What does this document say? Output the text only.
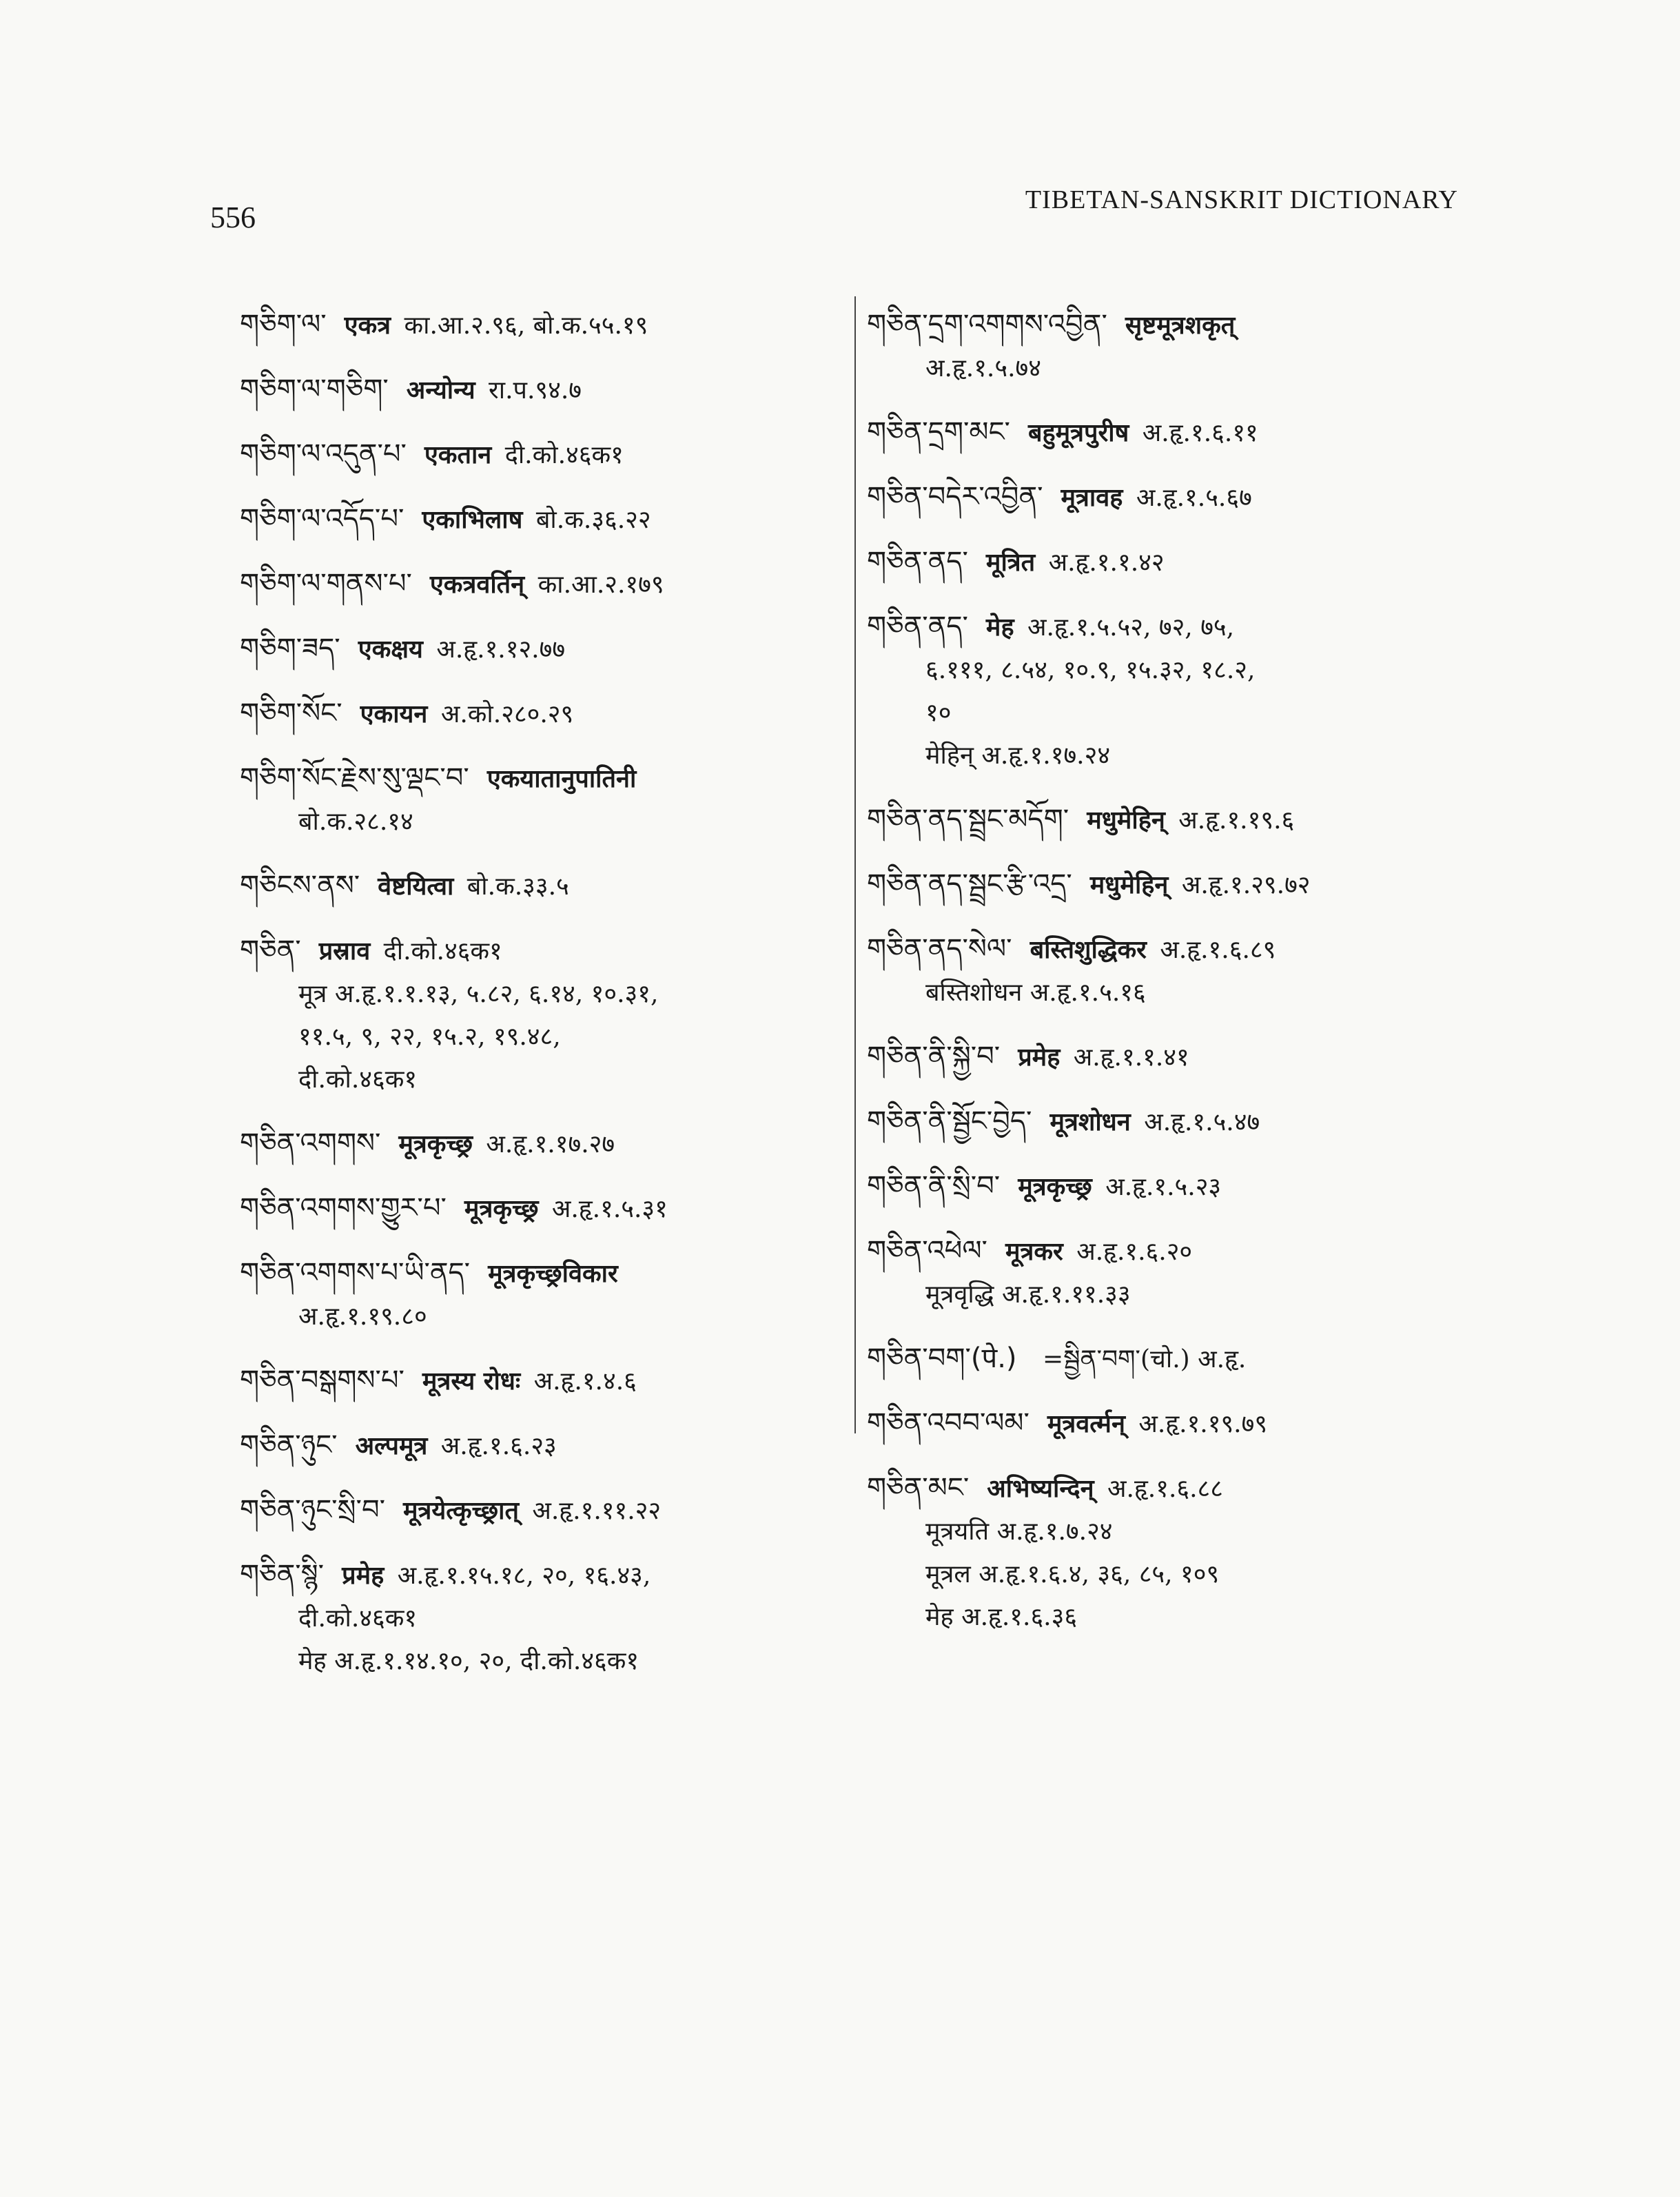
556
TIBETAN-SANSKRIT DICTIONARY
གཅིག་ལ་ एकत्र का.आ.२.९६, बो.क.५५.१९
གཅིག་ལ་གཅིག་ अन्योन्य रा.प.९४.७
གཅིག་ལ་འདུན་པ་ एकतान दी.को.४६क१
གཅིག་ལ་འདོད་པ་ एकाभिलाष बो.क.३६.२२
གཅིག་ལ་གནས་པ་ एकत्रवर्तिन् का.आ.२.१७९
གཅིག་ཟད་ एकक्षय अ.हृ.१.१२.७७
གཅིག་སོང་ एकायन अ.को.२८०.२९
གཅིག་སོང་རྗེས་སུ་ལྡང་བ་ एकयातानुपातिनी
बो.क.२८.१४
གཅིངས་ནས་ वेष्टयित्वा बो.क.३३.५
གཅིན་ प्रस्राव दी.को.४६क१
मूत्र अ.हृ.१.१.१३, ५.८२, ६.१४, १०.३१,
११.५, ९, २२, १५.२, १९.४८,
दी.को.४६क१
གཅིན་འགགས་ मूत्रकृच्छ्र अ.हृ.१.१७.२७
གཅིན་འགགས་གྱུར་པ་ मूत्रकृच्छ्र अ.हृ.१.५.३१
གཅིན་འགགས་པ་ཡི་ནད་ मूत्रकृच्छ्रविकार
अ.हृ.१.१९.८०
གཅིན་བསྒགས་པ་ मूत्रस्य रोधः अ.हृ.१.४.६
གཅིན་ཉུང་ अल्पमूत्र अ.हृ.१.६.२३
གཅིན་ཉུང་སྲི་བ་ मूत्रयेत्कृच्छ्रात् अ.हृ.१.११.२२
གཅིན་སྙི་ प्रमेह अ.हृ.१.१५.१८, २०, १६.४३,
दी.को.४६क१
मेह अ.हृ.१.१४.१०, २०, दी.को.४६क१
གཅིན་དྲག་འགགས་འབྱིན་ सृष्टमूत्रशकृत्
अ.हृ.१.५.७४
གཅིན་དྲག་མང་ बहुमूत्रपुरीष अ.हृ.१.६.११
གཅིན་བདེར་འབྱིན་ मूत्रावह अ.हृ.१.५.६७
གཅིན་ནད་ मूत्रित अ.हृ.१.१.४२
གཅིན་ནད་ मेह अ.हृ.१.५.५२, ७२, ७५,
६.१११, ८.५४, १०.९, १५.३२, १८.२,
१०
मेहिन् अ.हृ.१.१७.२४
གཅིན་ནད་སྦྲང་མདོག་ मधुमेहिन् अ.हृ.१.१९.६
གཅིན་ནད་སྦྲང་རྩི་འདྲ་ मधुमेहिन् अ.हृ.१.२९.७२
གཅིན་ནད་སེལ་ बस्तिशुद्धिकर अ.हृ.१.६.८९
बस्तिशोधन अ.हृ.१.५.१६
གཅིན་ནི་སྐྱི་བ་ प्रमेह अ.हृ.१.१.४१
གཅིན་ནི་སྦྱོང་བྱེད་ मूत्रशोधन अ.हृ.१.५.४७
གཅིན་ནི་སྲི་བ་ मूत्रकृच्छ्र अ.हृ.१.५.२३
གཅིན་འཕེལ་ मूत्रकर अ.हृ.१.६.२०
मूत्रवृद्धि अ.हृ.१.११.३३
གཅིན་བག་(पे.) =སྦྱིན་བག་(चो.) अ.हृ.
གཅིན་འབབ་ལམ་ मूत्रवर्त्मन् अ.हृ.१.१९.७९
གཅིན་མང་ अभिष्यन्दिन् अ.हृ.१.६.८८
मूत्रयति अ.हृ.१.७.२४
मूत्रल अ.हृ.१.६.४, ३६, ८५, १०९
मेह अ.हृ.१.६.३६
